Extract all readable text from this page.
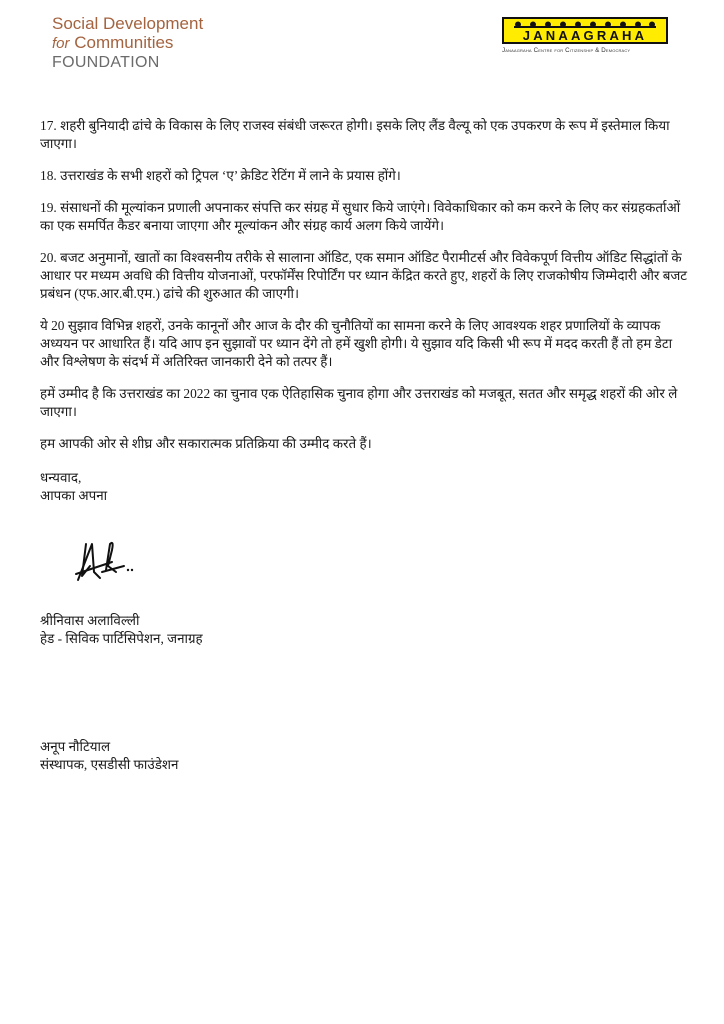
Social Development
for Communities
FOUNDATION
JANAAGRAHA
Janaagraha Centre for Citizenship & Democracy

17. शहरी बुनियादी ढांचे के विकास के लिए राजस्व संबंधी जरूरत होगी। इसके लिए लैंड वैल्यू को एक उपकरण के रूप में इस्तेमाल किया जाएगा।

18. उत्तराखंड के सभी शहरों को ट्रिपल ‘ए’ क्रेडिट रेटिंग में लाने के प्रयास होंगे।

19. संसाधनों की मूल्यांकन प्रणाली अपनाकर संपत्ति कर संग्रह में सुधार किये जाएंगे। विवेकाधिकार को कम करने के लिए कर संग्रहकर्ताओं का एक समर्पित कैडर बनाया जाएगा और मूल्यांकन और संग्रह कार्य अलग किये जायेंगे।

20. बजट अनुमानों, खातों का विश्वसनीय तरीके से सालाना ऑडिट, एक समान ऑडिट पैरामीटर्स और विवेकपूर्ण वित्तीय ऑडिट सिद्धांतों के आधार पर मध्यम अवधि की वित्तीय योजनाओं, परफॉर्मेंस रिपोर्टिंग पर ध्यान केंद्रित करते हुए, शहरों के लिए राजकोषीय जिम्मेदारी और बजट प्रबंधन (एफ.आर.बी.एम.) ढांचे की शुरुआत की जाएगी।

ये 20 सुझाव विभिन्न शहरों, उनके कानूनों और आज के दौर की चुनौतियों का सामना करने के लिए आवश्यक शहर प्रणालियों के व्यापक अध्ययन पर आधारित हैं। यदि आप इन सुझावों पर ध्यान देंगे तो हमें खुशी होगी। ये सुझाव यदि किसी भी रूप में मदद करती हैं तो हम डेटा और विश्लेषण के संदर्भ में अतिरिक्त जानकारी देने को तत्पर हैं।

हमें उम्मीद है कि उत्तराखंड का 2022 का चुनाव एक ऐतिहासिक चुनाव होगा और उत्तराखंड को मजबूत, सतत और समृद्ध शहरों की ओर ले जाएगा।

हम आपकी ओर से शीघ्र और सकारात्मक प्रतिक्रिया की उम्मीद करते हैं।

धन्यवाद,
आपका अपना
श्रीनिवास अलाविल्ली
हेड - सिविक पार्टिसिपेशन, जनाग्रह
अनूप नौटियाल
संस्थापक, एसडीसी फाउंडेशन
